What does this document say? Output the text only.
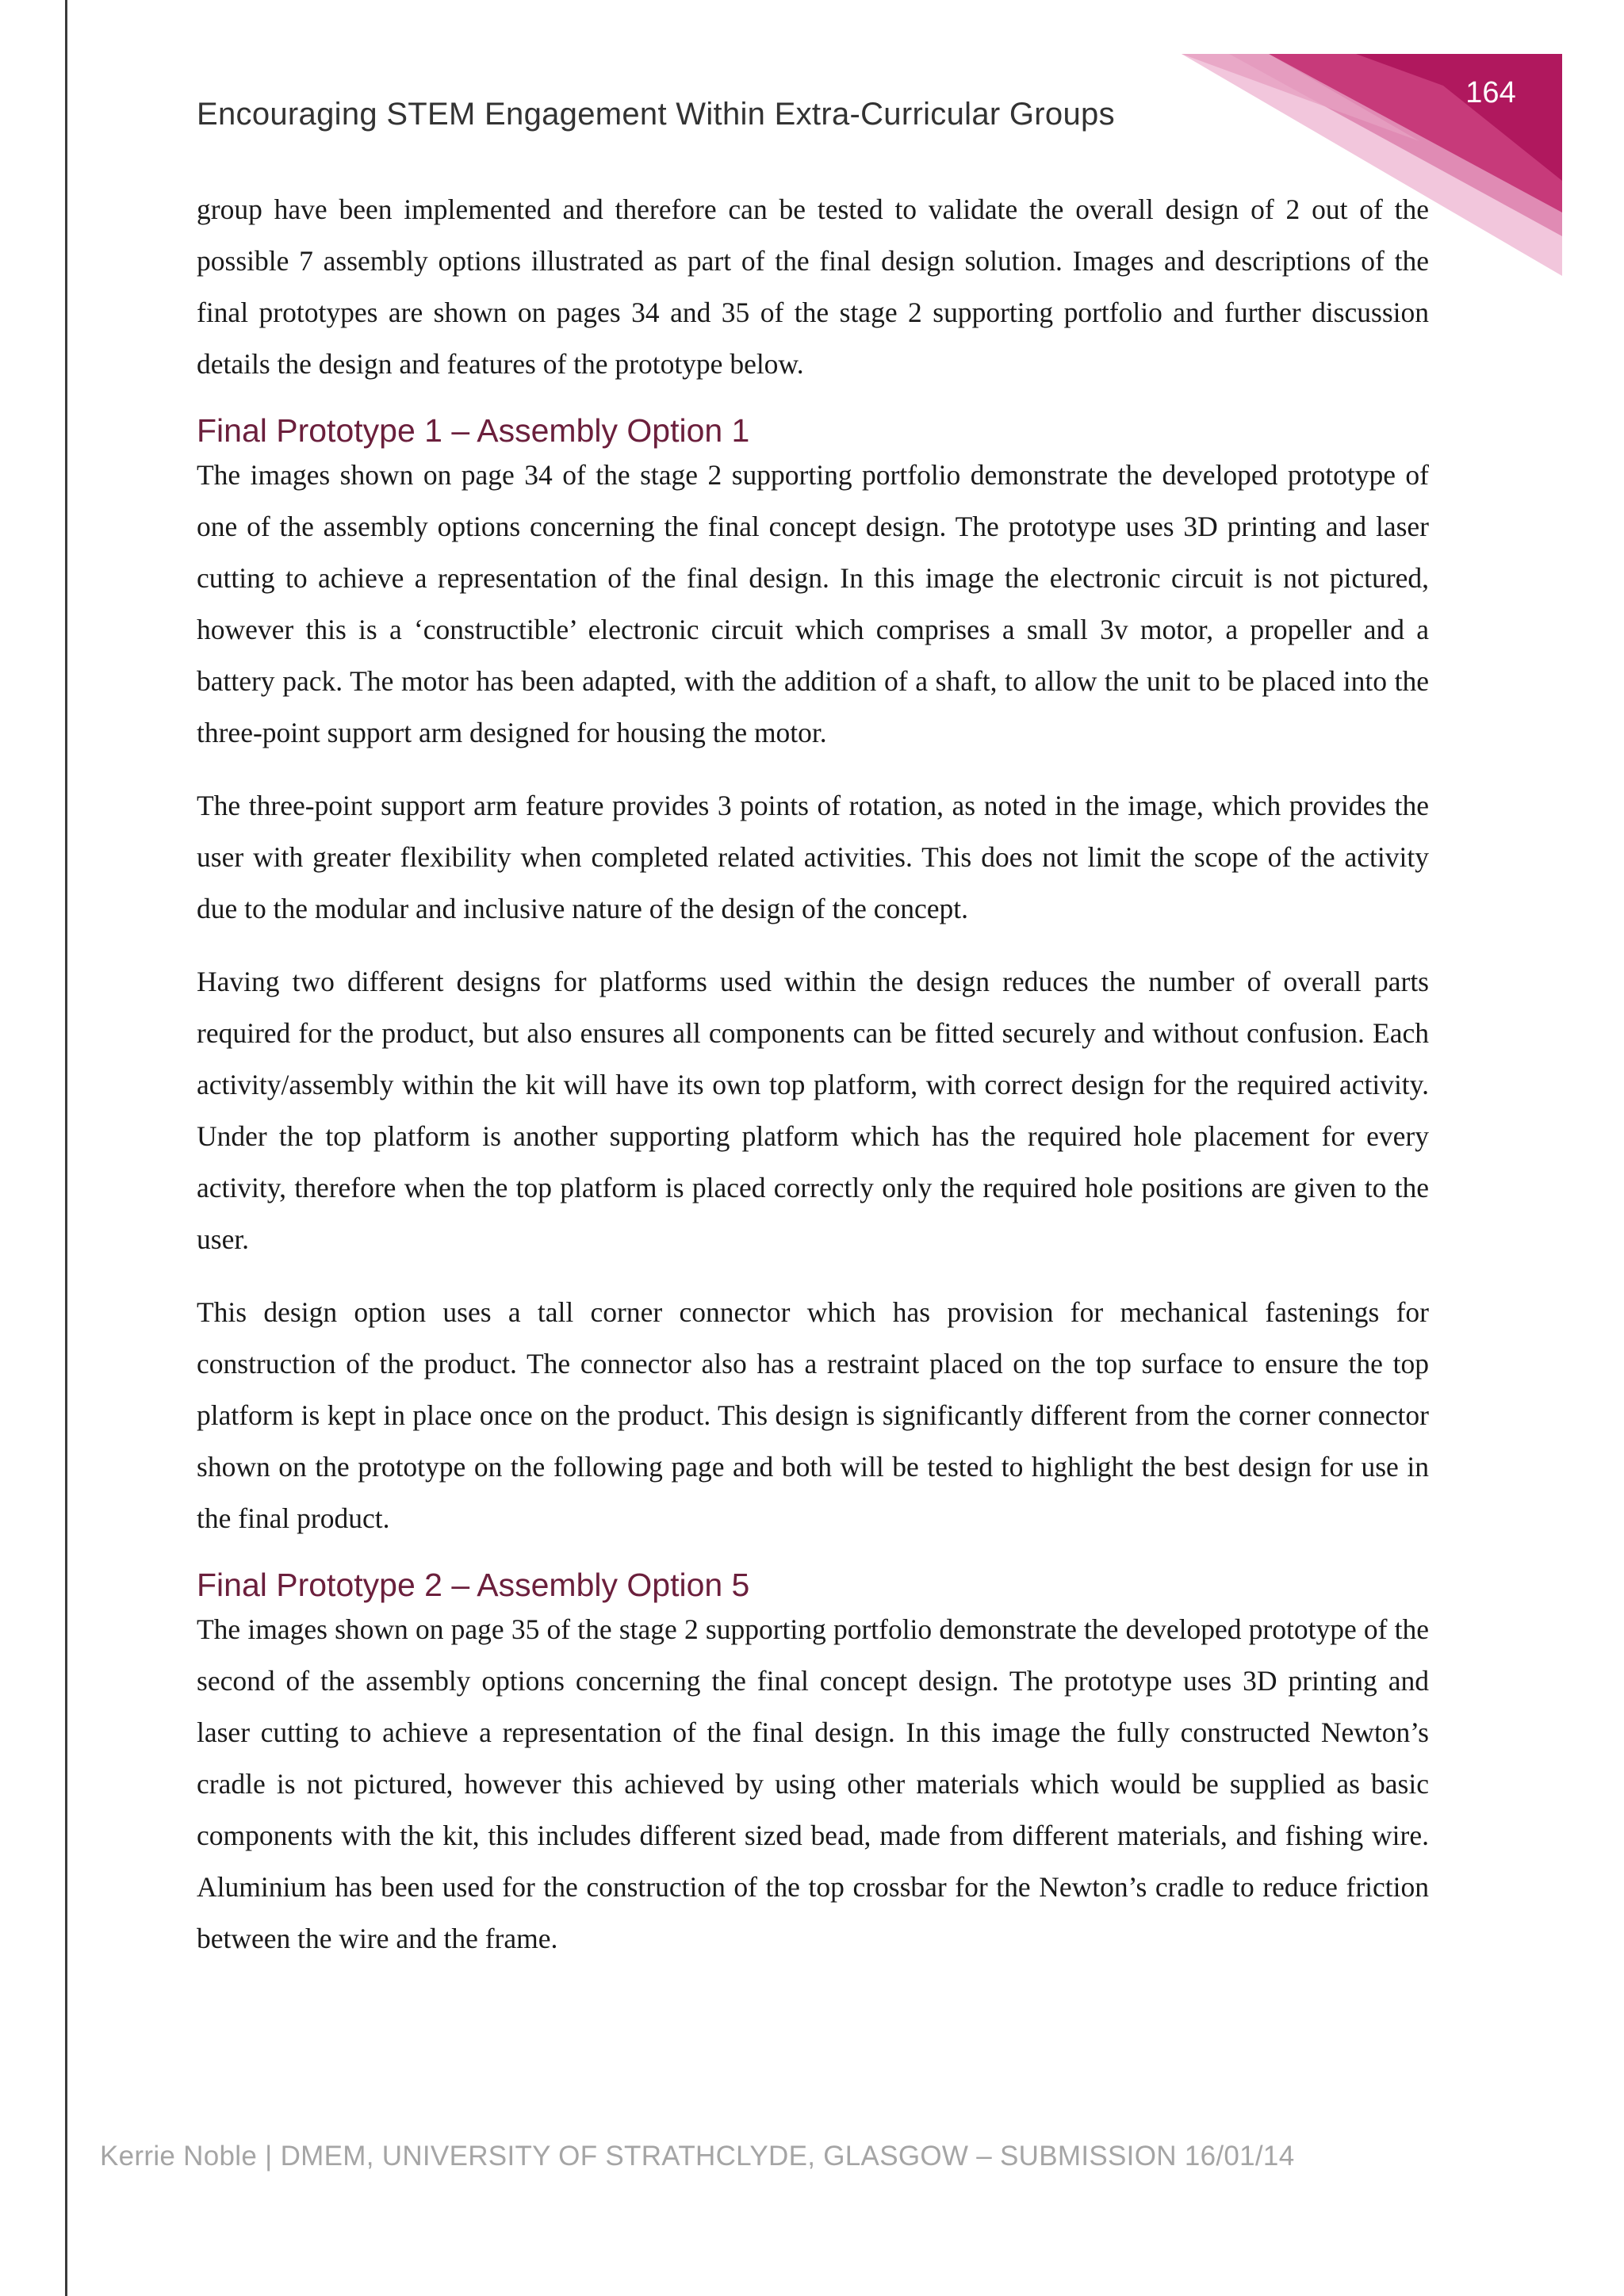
164
Encouraging STEM Engagement Within Extra-Curricular Groups

group have been implemented and therefore can be tested to validate the overall design of 2 out of the possible 7 assembly options illustrated as part of the final design solution. Images and descriptions of the final prototypes are shown on pages 34 and 35 of the stage 2 supporting portfolio and further discussion details the design and features of the prototype below.

Final Prototype 1 – Assembly Option 1

The images shown on page 34 of the stage 2 supporting portfolio demonstrate the developed prototype of one of the assembly options concerning the final concept design. The prototype uses 3D printing and laser cutting to achieve a representation of the final design. In this image the electronic circuit is not pictured, however this is a ‘constructible’ electronic circuit which comprises a small 3v motor, a propeller and a battery pack. The motor has been adapted, with the addition of a shaft, to allow the unit to be placed into the three-point support arm designed for housing the motor.

The three-point support arm feature provides 3 points of rotation, as noted in the image, which provides the user with greater flexibility when completed related activities. This does not limit the scope of the activity due to the modular and inclusive nature of the design of the concept.

Having two different designs for platforms used within the design reduces the number of overall parts required for the product, but also ensures all components can be fitted securely and without confusion. Each activity/assembly within the kit will have its own top platform, with correct design for the required activity. Under the top platform is another supporting platform which has the required hole placement for every activity, therefore when the top platform is placed correctly only the required hole positions are given to the user.

This design option uses a tall corner connector which has provision for mechanical fastenings for construction of the product. The connector also has a restraint placed on the top surface to ensure the top platform is kept in place once on the product. This design is significantly different from the corner connector shown on the prototype on the following page and both will be tested to highlight the best design for use in the final product.

Final Prototype 2 – Assembly Option 5

The images shown on page 35 of the stage 2 supporting portfolio demonstrate the developed prototype of the second of the assembly options concerning the final concept design. The prototype uses 3D printing and laser cutting to achieve a representation of the final design. In this image the fully constructed Newton’s cradle is not pictured, however this achieved by using other materials which would be supplied as basic components with the kit, this includes different sized bead, made from different materials, and fishing wire. Aluminium has been used for the construction of the top crossbar for the Newton’s cradle to reduce friction between the wire and the frame.

Kerrie Noble | DMEM, UNIVERSITY OF STRATHCLYDE, GLASGOW – SUBMISSION 16/01/14
